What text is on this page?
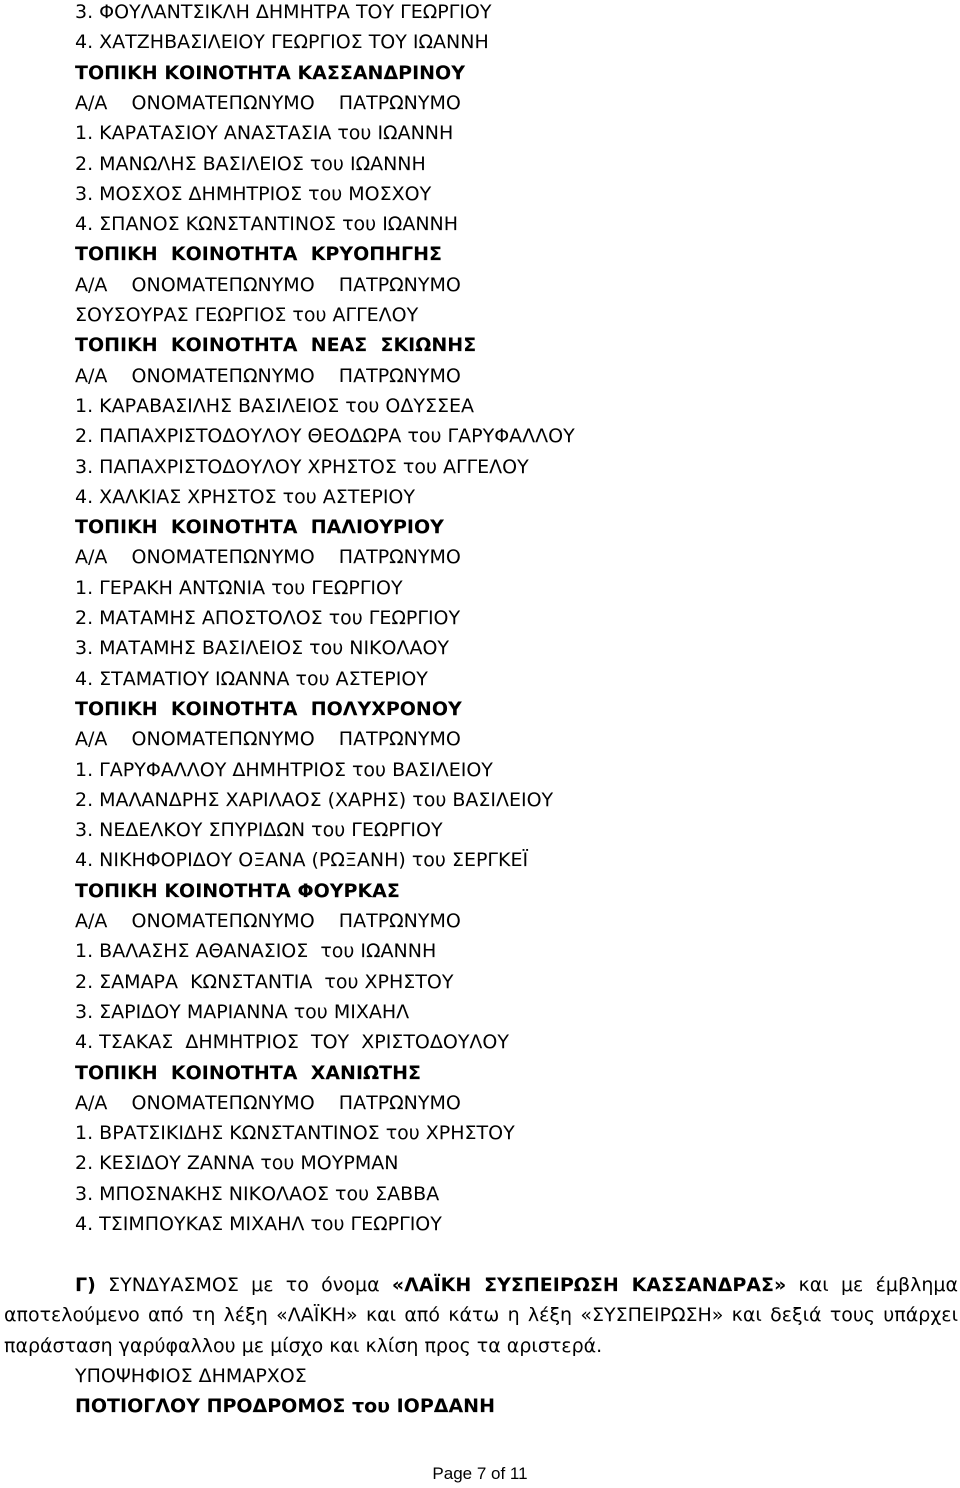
3. ΦΟΥΛΑΝΤΣΙΚΛΗ ΔΗΜΗΤΡΑ ΤΟΥ ΓΕΩΡΓΙΟΥ
4. ΧΑΤΖΗΒΑΣΙΛΕΙΟΥ ΓΕΩΡΓΙΟΣ ΤΟΥ ΙΩΑΝΝΗ
ΤΟΠΙΚΗ ΚΟΙΝΟΤΗΤΑ ΚΑΣΣΑΝΔΡΙΝΟΥ
Α/Α    ΟΝΟΜΑΤΕΠΩΝΥΜΟ    ΠΑΤΡΩΝΥΜΟ
1. ΚΑΡΑΤΑΣΙΟΥ ΑΝΑΣΤΑΣΙΑ του ΙΩΑΝΝΗ
2. ΜΑΝΩΛΗΣ ΒΑΣΙΛΕΙΟΣ του ΙΩΑΝΝΗ
3. ΜΟΣΧΟΣ ΔΗΜΗΤΡΙΟΣ του ΜΟΣΧΟΥ
4. ΣΠΑΝΟΣ ΚΩΝΣΤΑΝΤΙΝΟΣ του ΙΩΑΝΝΗ
ΤΟΠΙΚΗ  ΚΟΙΝΟΤΗΤΑ  ΚΡΥΟΠΗΓΗΣ
Α/Α    ΟΝΟΜΑΤΕΠΩΝΥΜΟ    ΠΑΤΡΩΝΥΜΟ
ΣΟΥΣΟΥΡΑΣ ΓΕΩΡΓΙΟΣ του ΑΓΓΕΛΟΥ
ΤΟΠΙΚΗ  ΚΟΙΝΟΤΗΤΑ  ΝΕΑΣ  ΣΚΙΩΝΗΣ
Α/Α    ΟΝΟΜΑΤΕΠΩΝΥΜΟ    ΠΑΤΡΩΝΥΜΟ
1. ΚΑΡΑΒΑΣΙΛΗΣ ΒΑΣΙΛΕΙΟΣ του ΟΔΥΣΣΕΑ
2. ΠΑΠΑΧΡΙΣΤΟΔΟΥΛΟΥ ΘΕΟΔΩΡΑ του ΓΑΡΥΦΑΛΛΟΥ
3. ΠΑΠΑΧΡΙΣΤΟΔΟΥΛΟΥ ΧΡΗΣΤΟΣ του ΑΓΓΕΛΟΥ
4. ΧΑΛΚΙΑΣ ΧΡΗΣΤΟΣ του ΑΣΤΕΡΙΟΥ
ΤΟΠΙΚΗ  ΚΟΙΝΟΤΗΤΑ  ΠΑΛΙΟΥΡΙΟΥ
Α/Α    ΟΝΟΜΑΤΕΠΩΝΥΜΟ    ΠΑΤΡΩΝΥΜΟ
1. ΓΕΡΑΚΗ ΑΝΤΩΝΙΑ του ΓΕΩΡΓΙΟΥ
2. ΜΑΤΑΜΗΣ ΑΠΟΣΤΟΛΟΣ του ΓΕΩΡΓΙΟΥ
3. ΜΑΤΑΜΗΣ ΒΑΣΙΛΕΙΟΣ του ΝΙΚΟΛΑΟΥ
4. ΣΤΑΜΑΤΙΟΥ ΙΩΑΝΝΑ του ΑΣΤΕΡΙΟΥ
ΤΟΠΙΚΗ  ΚΟΙΝΟΤΗΤΑ  ΠΟΛΥΧΡΟΝΟΥ
Α/Α    ΟΝΟΜΑΤΕΠΩΝΥΜΟ    ΠΑΤΡΩΝΥΜΟ
1. ΓΑΡΥΦΑΛΛΟΥ ΔΗΜΗΤΡΙΟΣ του ΒΑΣΙΛΕΙΟΥ
2. ΜΑΛΑΝΔΡΗΣ ΧΑΡΙΛΑΟΣ (ΧΑΡΗΣ) του ΒΑΣΙΛΕΙΟΥ
3. ΝΕΔΕΛΚΟΥ ΣΠΥΡΙΔΩΝ του ΓΕΩΡΓΙΟΥ
4. ΝΙΚΗΦΟΡΙΔΟΥ ΟΞΑΝΑ (ΡΩΞΑΝΗ) του ΣΕΡΓΚΕΪ
ΤΟΠΙΚΗ ΚΟΙΝΟΤΗΤΑ ΦΟΥΡΚΑΣ
Α/Α    ΟΝΟΜΑΤΕΠΩΝΥΜΟ    ΠΑΤΡΩΝΥΜΟ
1. ΒΑΛΑΣΗΣ ΑΘΑΝΑΣΙΟΣ  του ΙΩΑΝΝΗ
2. ΣΑΜΑΡΑ  ΚΩΝΣΤΑΝΤΙΑ  του ΧΡΗΣΤΟΥ
3. ΣΑΡΙΔΟΥ ΜΑΡΙΑΝΝΑ του ΜΙΧΑΗΛ
4. ΤΣΑΚΑΣ  ΔΗΜΗΤΡΙΟΣ  ΤΟΥ  ΧΡΙΣΤΟΔΟΥΛΟΥ
ΤΟΠΙΚΗ  ΚΟΙΝΟΤΗΤΑ  ΧΑΝΙΩΤΗΣ
Α/Α    ΟΝΟΜΑΤΕΠΩΝΥΜΟ    ΠΑΤΡΩΝΥΜΟ
1. ΒΡΑΤΣΙΚΙΔΗΣ ΚΩΝΣΤΑΝΤΙΝΟΣ του ΧΡΗΣΤΟΥ
2. ΚΕΣΙΔΟΥ ΖΑΝΝΑ του ΜΟΥΡΜΑΝ
3. ΜΠΟΣΝΑΚΗΣ ΝΙΚΟΛΑΟΣ του ΣΑΒΒΑ
4. ΤΣΙΜΠΟΥΚΑΣ ΜΙΧΑΗΛ του ΓΕΩΡΓΙΟΥ
Γ) ΣΥΝΔΥΑΣΜΟΣ με το όνομα «ΛΑΪΚΗ ΣΥΣΠΕΙΡΩΣΗ ΚΑΣΣΑΝΔΡΑΣ» και με έμβλημα αποτελούμενο από τη λέξη «ΛΑΪΚΗ» και από κάτω η λέξη «ΣΥΣΠΕΙΡΩΣΗ» και δεξιά τους υπάρχει παράσταση γαρύφαλλου με μίσχο και κλίση προς τα αριστερά.
ΥΠΟΨΗΦΙΟΣ ΔΗΜΑΡΧΟΣ
ΠΟΤΙΟΓΛΟΥ ΠΡΟΔΡΟΜΟΣ του ΙΟΡΔΑΝΗ
Page 7 of 11
